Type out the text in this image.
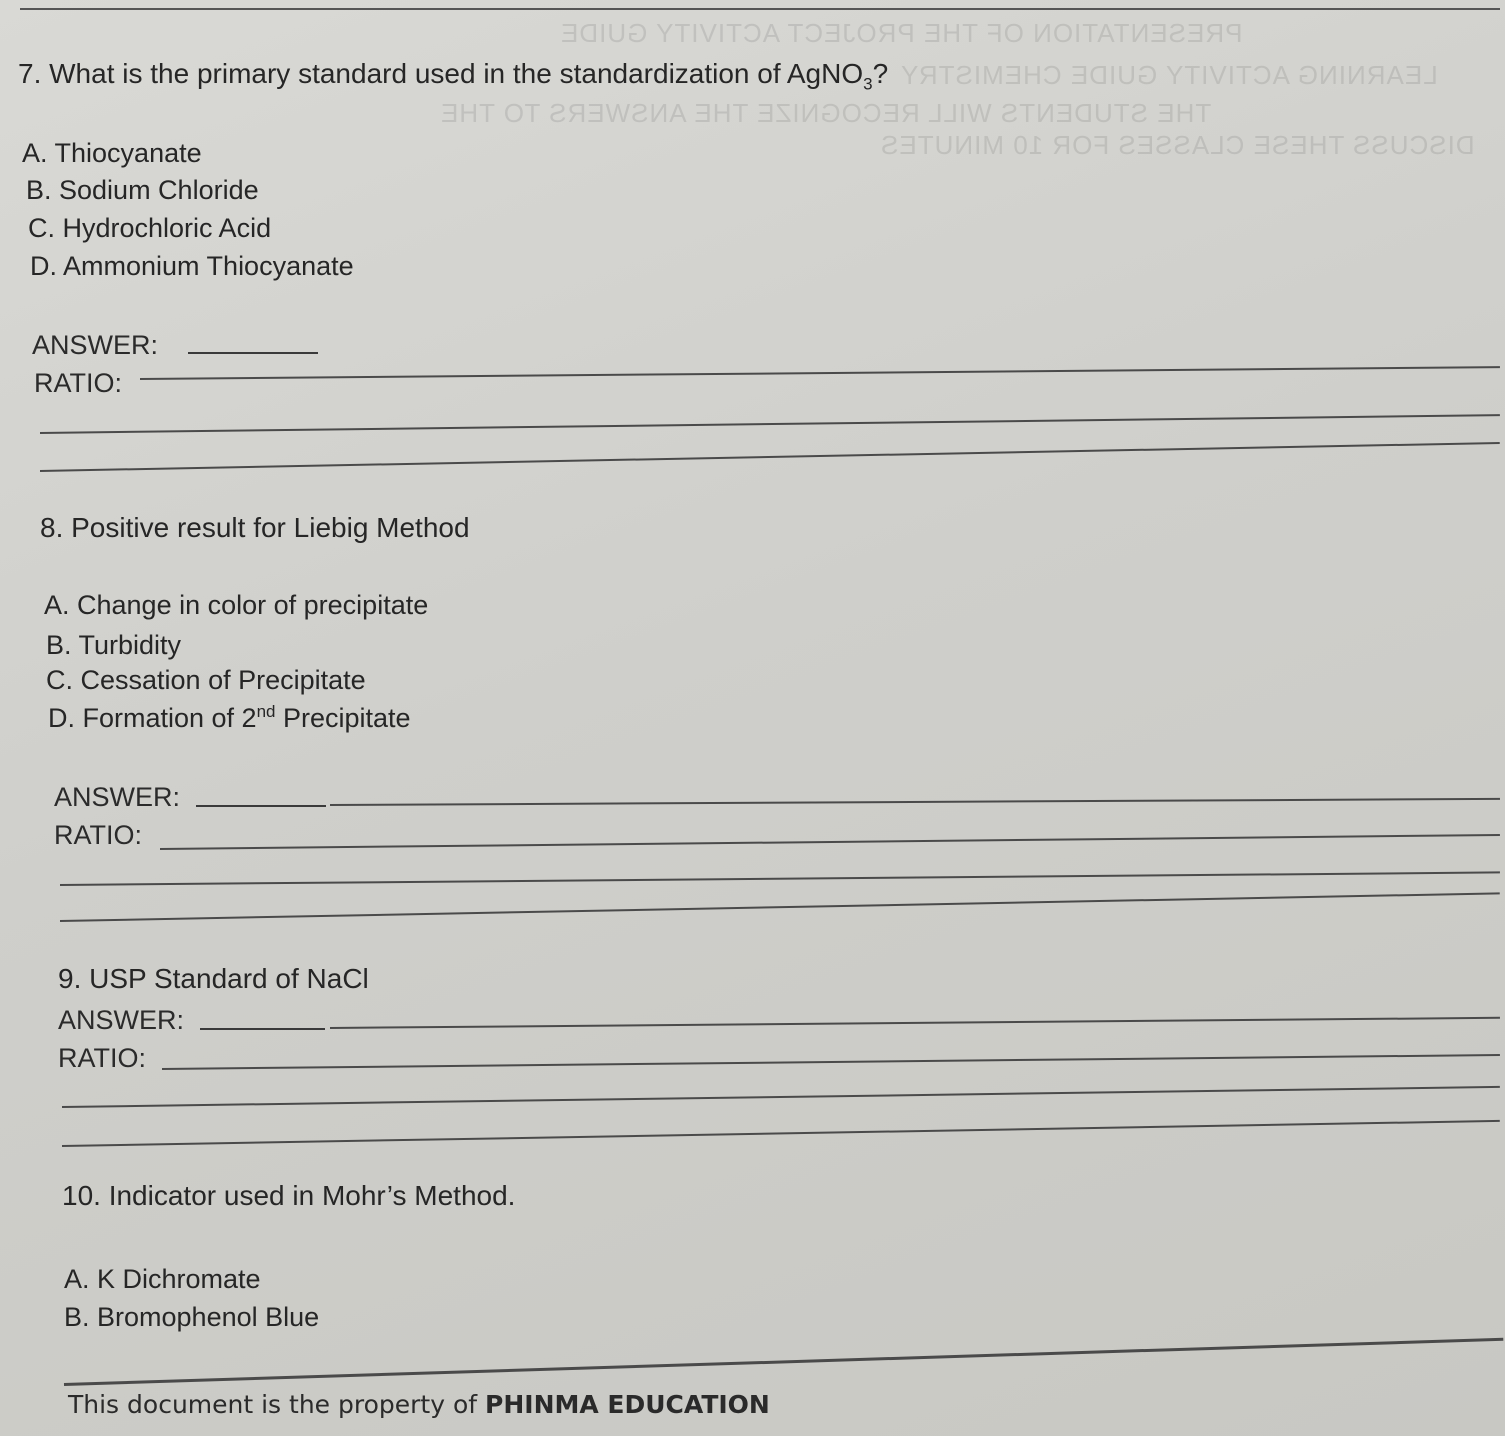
PRESENTATION OF THE PROJECT ACTIVITY GUIDE
LEARNING ACTIVITY GUIDE CHEMISTRY
THE STUDENTS WILL RECOGNIZE THE ANSWERS TO THE
DISCUSS THESE CLASSES FOR 10 MINUTES
7. What is the primary standard used in the standardization of AgNO$_3$?
A. Thiocyanate
B. Sodium Chloride
C. Hydrochloric Acid
D. Ammonium Thiocyanate
ANSWER:
RATIO:
8. Positive result for Liebig Method
A. Change in color of precipitate
B. Turbidity
C. Cessation of Precipitate
D. Formation of 2nd Precipitate
ANSWER:
RATIO:
9. USP Standard of NaCl
ANSWER:
RATIO:
10. Indicator used in Mohr’s Method.
A. K Dichromate
B. Bromophenol Blue
This document is the property of PHINMA EDUCATION
